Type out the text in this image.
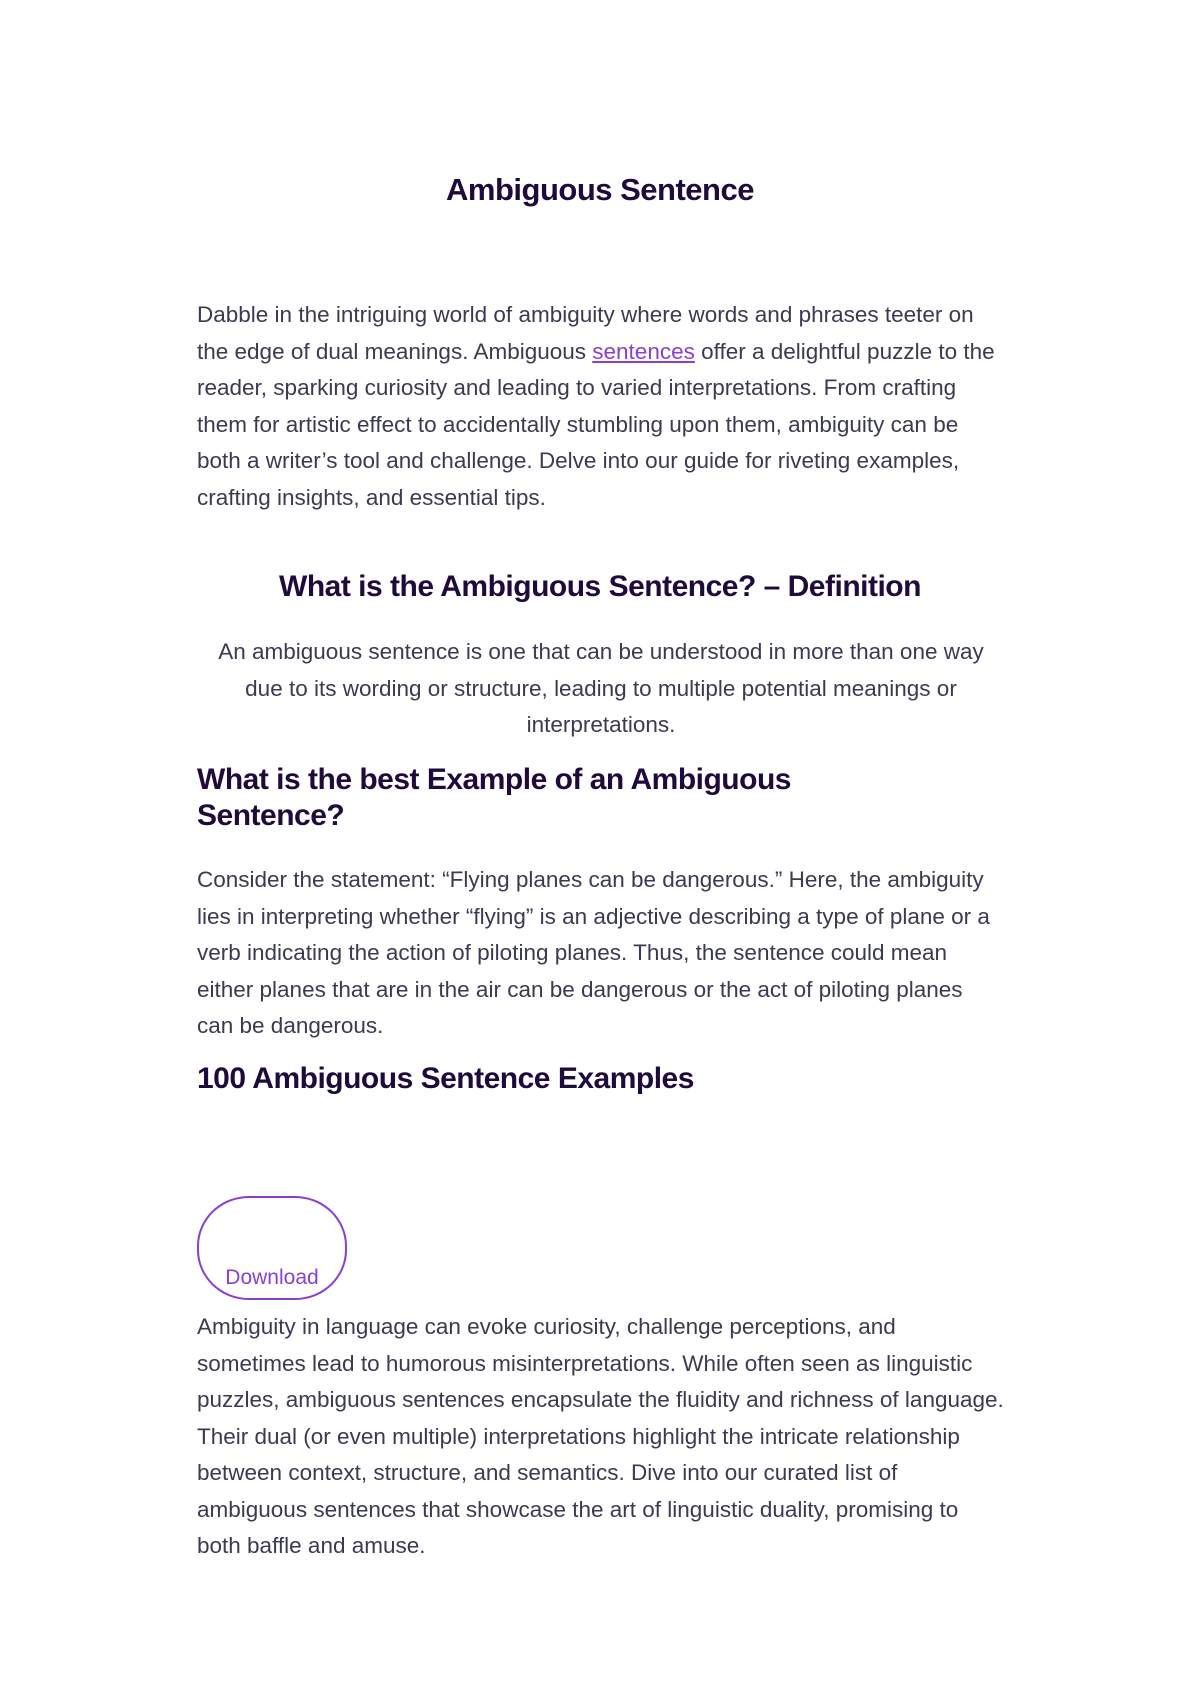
Ambiguous Sentence

Dabble in the intriguing world of ambiguity where words and phrases teeter on the edge of dual meanings. Ambiguous sentences offer a delightful puzzle to the reader, sparking curiosity and leading to varied interpretations. From crafting them for artistic effect to accidentally stumbling upon them, ambiguity can be both a writer’s tool and challenge. Delve into our guide for riveting examples, crafting insights, and essential tips.

What is the Ambiguous Sentence? – Definition

An ambiguous sentence is one that can be understood in more than one way due to its wording or structure, leading to multiple potential meanings or interpretations.

What is the best Example of an Ambiguous Sentence?

Consider the statement: “Flying planes can be dangerous.” Here, the ambiguity lies in interpreting whether “flying” is an adjective describing a type of plane or a verb indicating the action of piloting planes. Thus, the sentence could mean either planes that are in the air can be dangerous or the act of piloting planes can be dangerous.

100 Ambiguous Sentence Examples
Download

Ambiguity in language can evoke curiosity, challenge perceptions, and sometimes lead to humorous misinterpretations. While often seen as linguistic puzzles, ambiguous sentences encapsulate the fluidity and richness of language. Their dual (or even multiple) interpretations highlight the intricate relationship between context, structure, and semantics. Dive into our curated list of ambiguous sentences that showcase the art of linguistic duality, promising to both baffle and amuse.
